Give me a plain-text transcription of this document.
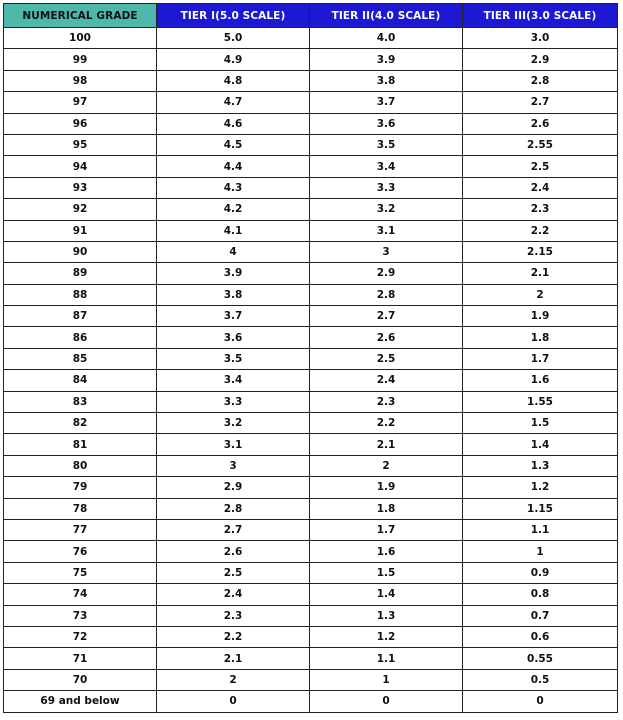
NUMERICAL GRADE	TIER I(5.0 SCALE)	TIER II(4.0 SCALE)	TIER III(3.0 SCALE)
100	5.0	4.0	3.0
99	4.9	3.9	2.9
98	4.8	3.8	2.8
97	4.7	3.7	2.7
96	4.6	3.6	2.6
95	4.5	3.5	2.55
94	4.4	3.4	2.5
93	4.3	3.3	2.4
92	4.2	3.2	2.3
91	4.1	3.1	2.2
90	4	3	2.15
89	3.9	2.9	2.1
88	3.8	2.8	2
87	3.7	2.7	1.9
86	3.6	2.6	1.8
85	3.5	2.5	1.7
84	3.4	2.4	1.6
83	3.3	2.3	1.55
82	3.2	2.2	1.5
81	3.1	2.1	1.4
80	3	2	1.3
79	2.9	1.9	1.2
78	2.8	1.8	1.15
77	2.7	1.7	1.1
76	2.6	1.6	1
75	2.5	1.5	0.9
74	2.4	1.4	0.8
73	2.3	1.3	0.7
72	2.2	1.2	0.6
71	2.1	1.1	0.55
70	2	1	0.5
69 and below	0	0	0
